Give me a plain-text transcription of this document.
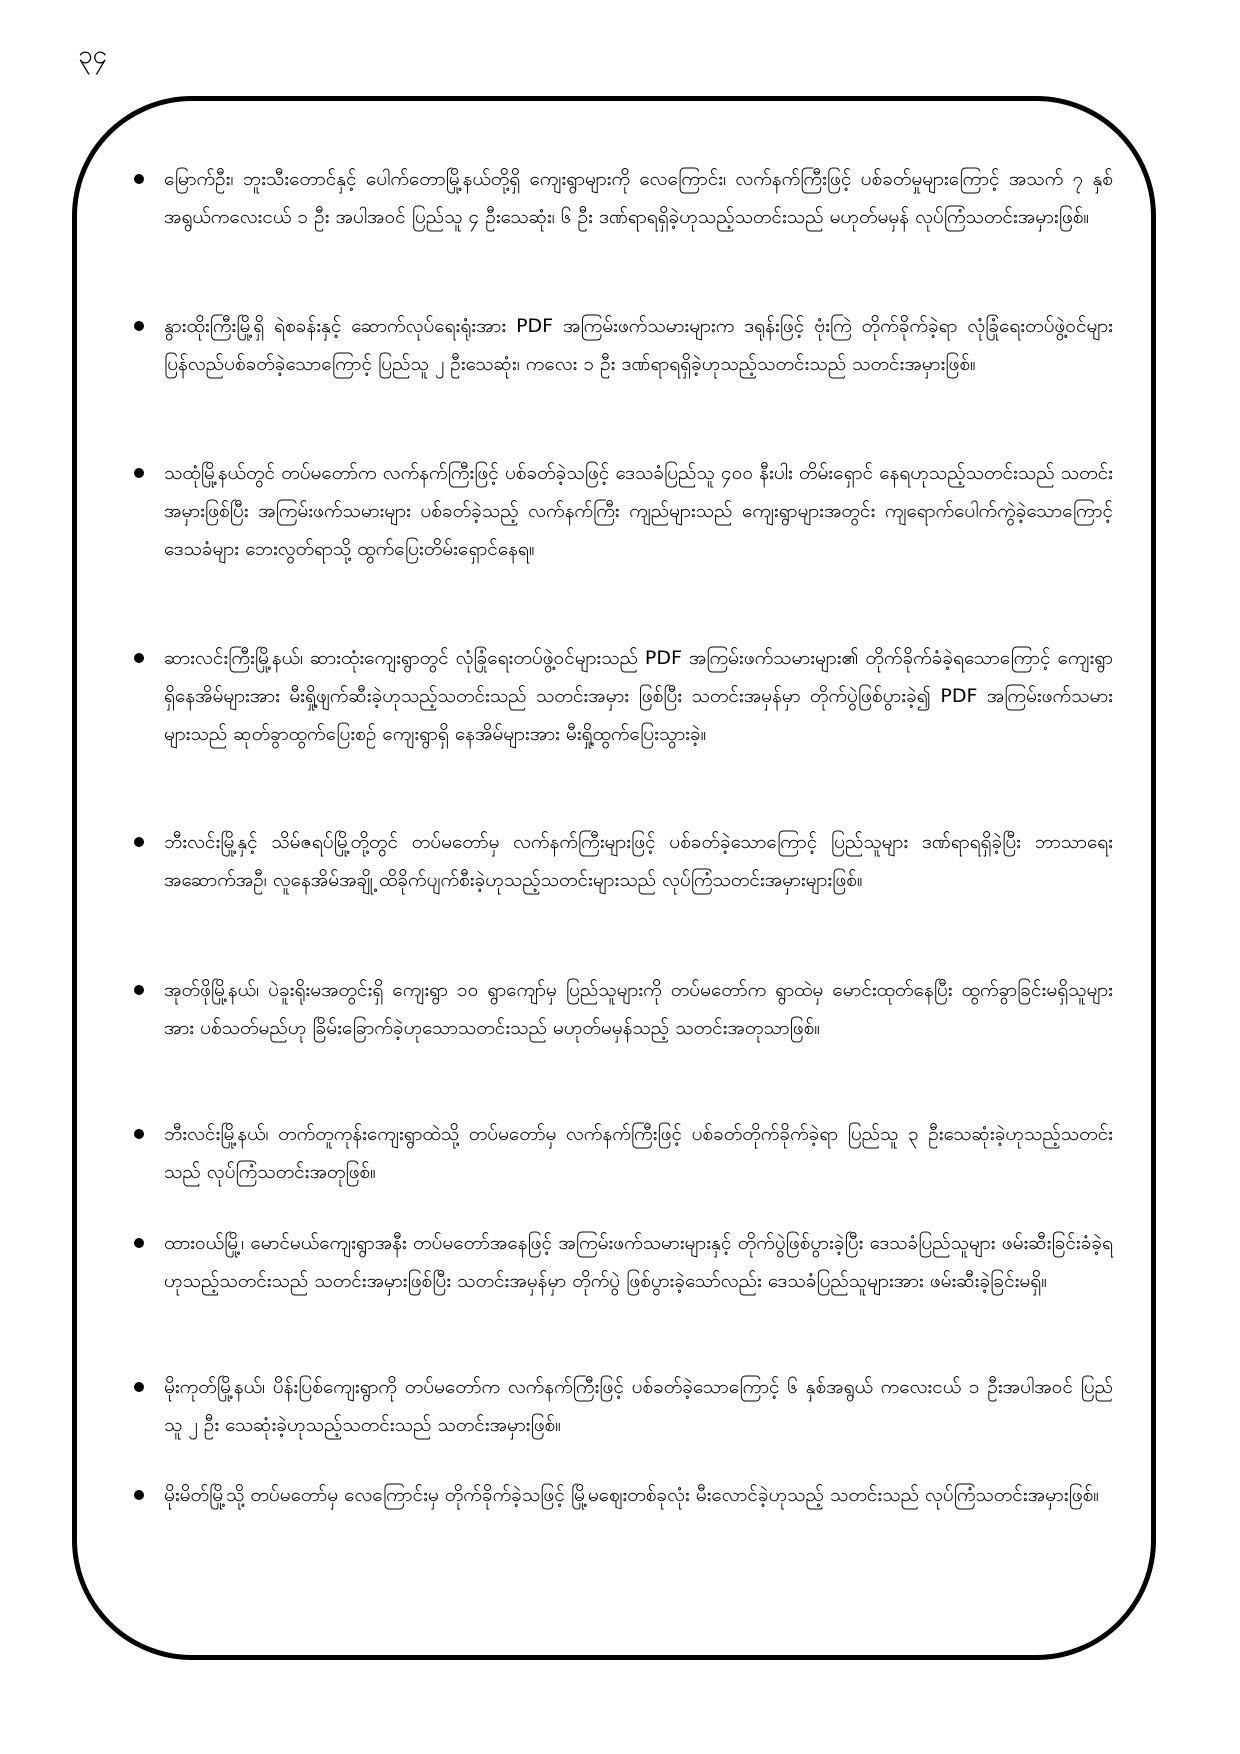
၃၄
မြောက်ဦး၊ ဘူးသီးတောင်နှင့် ပေါက်တောမြို့နယ်တို့ရှိ ကျေးရွာများကို လေကြောင်း၊ လက်နက်ကြီးဖြင့် ပစ်ခတ်မှုများကြောင့် အသက် ၇ နှစ်အရွယ်ကလေးငယ် ၁ ဦး အပါအဝင် ပြည်သူ ၄ ဦးသေဆုံး၊ ၆ ဦး ဒဏ်ရာရရှိခဲ့ဟုသည့်သတင်းသည် မဟုတ်မမှန် လုပ်ကြံသတင်းအမှားဖြစ်။
နွားထိုးကြီးမြို့ရှိ ရဲစခန်းနှင့် ဆောက်လုပ်ရေးရုံးအား PDF အကြမ်းဖက်သမားများက ဒရုန်းဖြင့် ဗုံးကြဲ တိုက်ခိုက်ခဲ့ရာ လုံခြုံရေးတပ်ဖွဲ့ဝင်များ ပြန်လည်ပစ်ခတ်ခဲ့သောကြောင့် ပြည်သူ ၂ ဦးသေဆုံး၊ ကလေး ၁ ဦး ဒဏ်ရာရရှိခဲ့ဟုသည့်သတင်းသည် သတင်းအမှားဖြစ်။
သထုံမြို့နယ်တွင် တပ်မတော်က လက်နက်ကြီးဖြင့် ပစ်ခတ်ခဲ့သဖြင့် ဒေသခံပြည်သူ ၄၀၀ နီးပါး တိမ်းရှောင် နေရဟုသည့်သတင်းသည် သတင်းအမှားဖြစ်ပြီး အကြမ်းဖက်သမားများ ပစ်ခတ်ခဲ့သည့် လက်နက်ကြီး ကျည်များသည် ကျေးရွာများအတွင်း ကျရောက်ပေါက်ကွဲခဲ့သောကြောင့် ဒေသခံများ ဘေးလွတ်ရာသို့ ထွက်ပြေးတိမ်းရှောင်နေရ။
ဆားလင်းကြီးမြို့နယ်၊ ဆားထုံးကျေးရွာတွင် လုံခြုံရေးတပ်ဖွဲ့ဝင်များသည် PDF အကြမ်းဖက်သမားများ၏ တိုက်ခိုက်ခံခဲ့ရသောကြောင့် ကျေးရွာရှိနေအိမ်များအား မီးရှို့ဖျက်ဆီးခဲ့ဟုသည့်သတင်းသည် သတင်းအမှား ဖြစ်ပြီး သတင်းအမှန်မှာ တိုက်ပွဲဖြစ်ပွားခဲ့၍ PDF အကြမ်းဖက်သမားများသည် ဆုတ်ခွာထွက်ပြေးစဉ် ကျေးရွာရှိ နေအိမ်များအား မီးရှို့ထွက်ပြေးသွားခဲ့။
ဘီးလင်းမြို့နှင့် သိမ်ဇရပ်မြို့တို့တွင် တပ်မတော်မှ လက်နက်ကြီးများဖြင့် ပစ်ခတ်ခဲ့သောကြောင့် ပြည်သူများ ဒဏ်ရာရရှိခဲ့ပြီး ဘာသာရေးအဆောက်အဦ၊ လူနေအိမ်အချို့ ထိခိုက်ပျက်စီးခဲ့ဟုသည့်သတင်းများသည် လုပ်ကြံသတင်းအမှားများဖြစ်။
အုတ်ဖိုမြို့နယ်၊ ပဲခူးရိုးမအတွင်းရှိ ကျေးရွာ ၁၀ ရွာကျော်မှ ပြည်သူများကို တပ်မတော်က ရွာထဲမှ မောင်းထုတ်နေပြီး ထွက်ခွာခြင်းမရှိသူများအား ပစ်သတ်မည်ဟု ခြိမ်းခြောက်ခဲ့ဟုသောသတင်းသည် မဟုတ်မမှန်သည့် သတင်းအတုသာဖြစ်။
ဘီးလင်းမြို့နယ်၊ တက်တူကုန်းကျေးရွာထဲသို့ တပ်မတော်မှ လက်နက်ကြီးဖြင့် ပစ်ခတ်တိုက်ခိုက်ခဲ့ရာ ပြည်သူ ၃ ဦးသေဆုံးခဲ့ဟုသည့်သတင်းသည် လုပ်ကြံသတင်းအတုဖြစ်။
ထားဝယ်မြို့၊ မောင်မယ်ကျေးရွာအနီး တပ်မတော်အနေဖြင့် အကြမ်းဖက်သမားများနှင့် တိုက်ပွဲဖြစ်ပွားခဲ့ပြီး ဒေသခံပြည်သူများ ဖမ်းဆီးခြင်းခံခဲ့ရဟုသည့်သတင်းသည် သတင်းအမှားဖြစ်ပြီး သတင်းအမှန်မှာ တိုက်ပွဲ ဖြစ်ပွားခဲ့သော်လည်း ဒေသခံပြည်သူများအား ဖမ်းဆီးခဲ့ခြင်းမရှိ။
မိုးကုတ်မြို့နယ်၊ ပိန်းပြစ်ကျေးရွာကို တပ်မတော်က လက်နက်ကြီးဖြင့် ပစ်ခတ်ခဲ့သောကြောင့် ၆ နှစ်အရွယ် ကလေးငယ် ၁ ဦးအပါအဝင် ပြည်သူ ၂ ဦး သေဆုံးခဲ့ဟုသည့်သတင်းသည် သတင်းအမှားဖြစ်။
မိုးမိတ်မြို့သို့ တပ်မတော်မှ လေကြောင်းမှ တိုက်ခိုက်ခဲ့သဖြင့် မြို့မဈေးတစ်ခုလုံး မီးလောင်ခဲ့ဟုသည့် သတင်းသည် လုပ်ကြံသတင်းအမှားဖြစ်။
